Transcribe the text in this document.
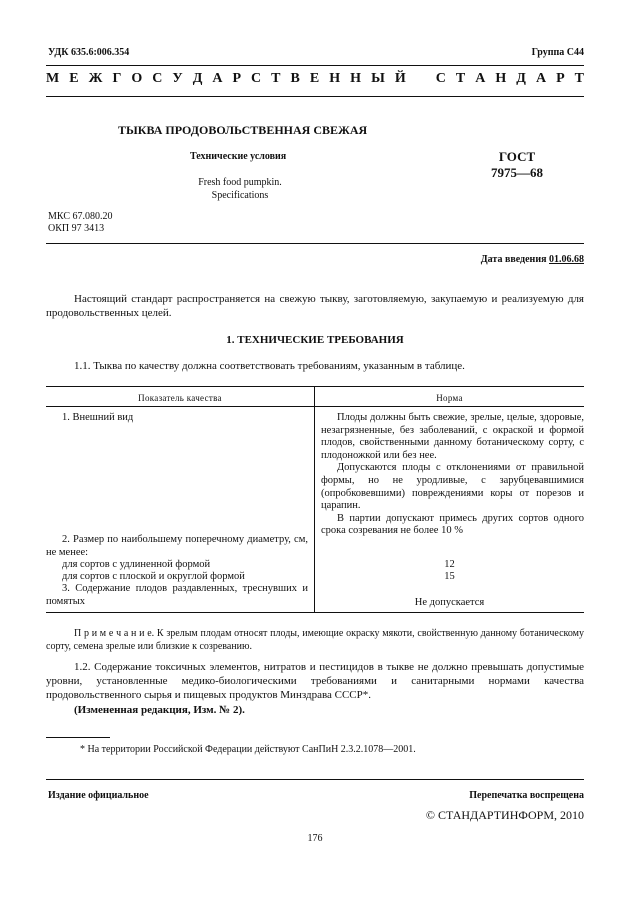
УДК 635.6:006.354	Группа С44
М Е Ж Г О С У Д А Р С Т В Е Н Н Ы Й   С Т А Н Д А Р Т
ТЫКВА ПРОДОВОЛЬСТВЕННАЯ СВЕЖАЯ
Технические условия
Fresh food pumpkin.
Specifications
ГОСТ
7975—68
МКС 67.080.20
ОКП 97 3413
Дата введения 01.06.68
Настоящий стандарт распространяется на свежую тыкву, заготовляемую, закупаемую и реализуемую для продовольственных целей.
1. ТЕХНИЧЕСКИЕ ТРЕБОВАНИЯ
1.1. Тыква по качеству должна соответствовать требованиям, указанным в таблице.
Показатель качества	Норма
1. Внешний вид	Плоды должны быть свежие, зрелые, целые, здоровые, незагрязненные, без заболеваний, с окраской и формой плодов, свойственными данному ботаническому сорту, с плодоножкой или без нее.
Допускаются плоды с отклонениями от правильной формы, но не уродливые, с зарубцевавшимися (опробковевшими) повреждениями коры от порезов и царапин.
В партии допускают примесь других сортов одного срока созревания не более 10 %
2. Размер по наибольшему поперечному диаметру, см, не менее:
для сортов с удлиненной формой	12
для сортов с плоской и округлой формой	15
3. Содержание плодов раздавленных, треснувших и помятых	Не допускается
П р и м е ч а н и е. К зрелым плодам относят плоды, имеющие окраску мякоти, свойственную данному ботаническому сорту, семена зрелые или близкие к созреванию.
1.2. Содержание токсичных элементов, нитратов и пестицидов в тыкве не должно превышать допустимые уровни, установленные медико-биологическими требованиями и санитарными нормами качества продовольственного сырья и пищевых продуктов Минздрава СССР*.
(Измененная редакция, Изм. № 2).
* На территории Российской Федерации действуют СанПиН 2.3.2.1078—2001.
Издание официальное	Перепечатка воспрещена
© СТАНДАРТИНФОРМ, 2010
176
